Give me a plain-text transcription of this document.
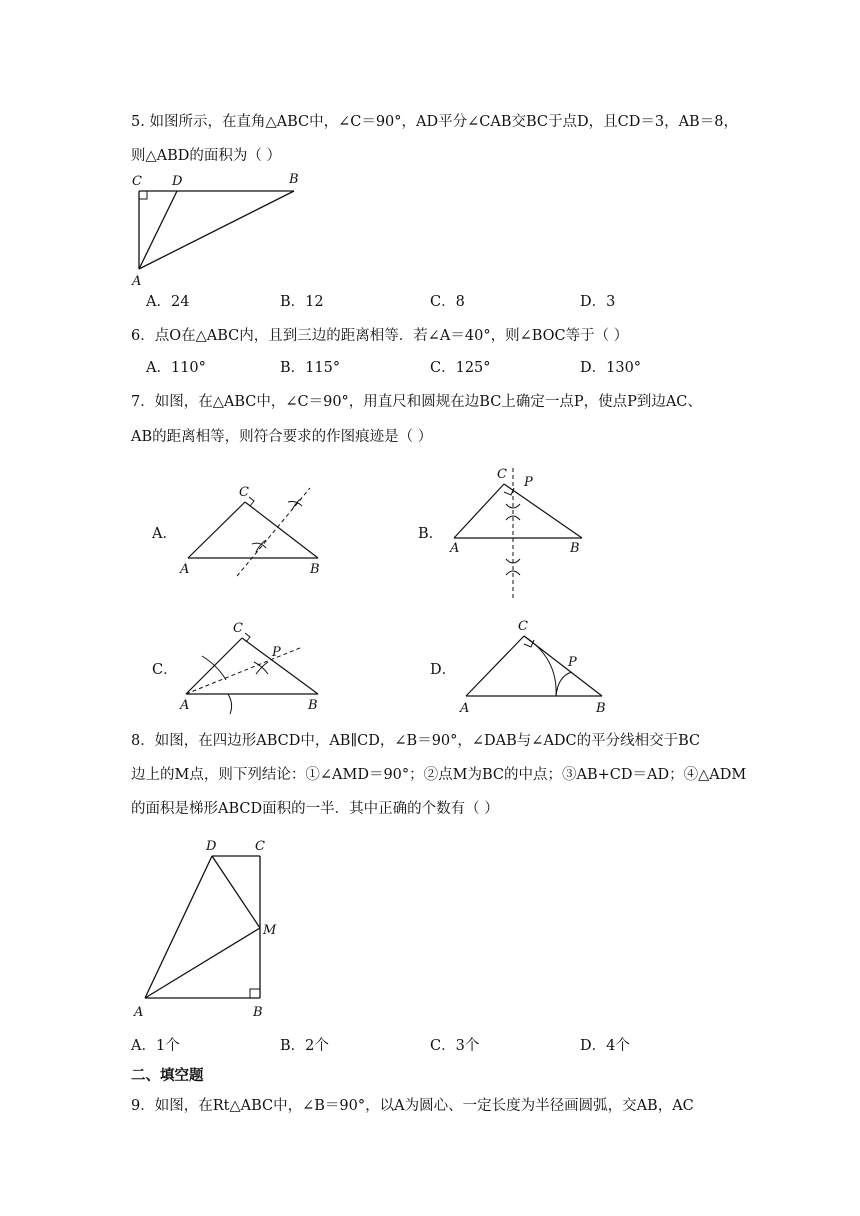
5. 如图所示，在直角△ABC中，∠C＝90°，AD平分∠CAB交BC于点D，且CD＝3，AB＝8，
则△ABD的面积为（ ）
C D	B
A
A．24	B．12	C．8	D．3
6．点O在△ABC内，且到三边的距离相等．若∠A＝40°，则∠BOC等于（ ）
A．110°	B．115°	C．125°	D．130°
7．如图，在△ABC中，∠C＝90°，用直尺和圆规在边BC上确定一点P，使点P到边AC、
AB的距离相等，则符合要求的作图痕迹是（ ）
A．
C
A	B
B．
C
P
A	B
C．
C
P
A	B
D．
C
P
A	B
8．如图，在四边形ABCD中，AB∥CD，∠B＝90°，∠DAB与∠ADC的平分线相交于BC
边上的M点，则下列结论：①∠AMD＝90°；②点M为BC的中点；③AB+CD＝AD；④△ADM
的面积是梯形ABCD面积的一半．其中正确的个数有（ ）
D	C
M
A	B
A．1个	B．2个	C．3个	D．4个
二、填空题
9．如图，在Rt△ABC中，∠B＝90°，以A为圆心、一定长度为半径画圆弧，交AB，AC
